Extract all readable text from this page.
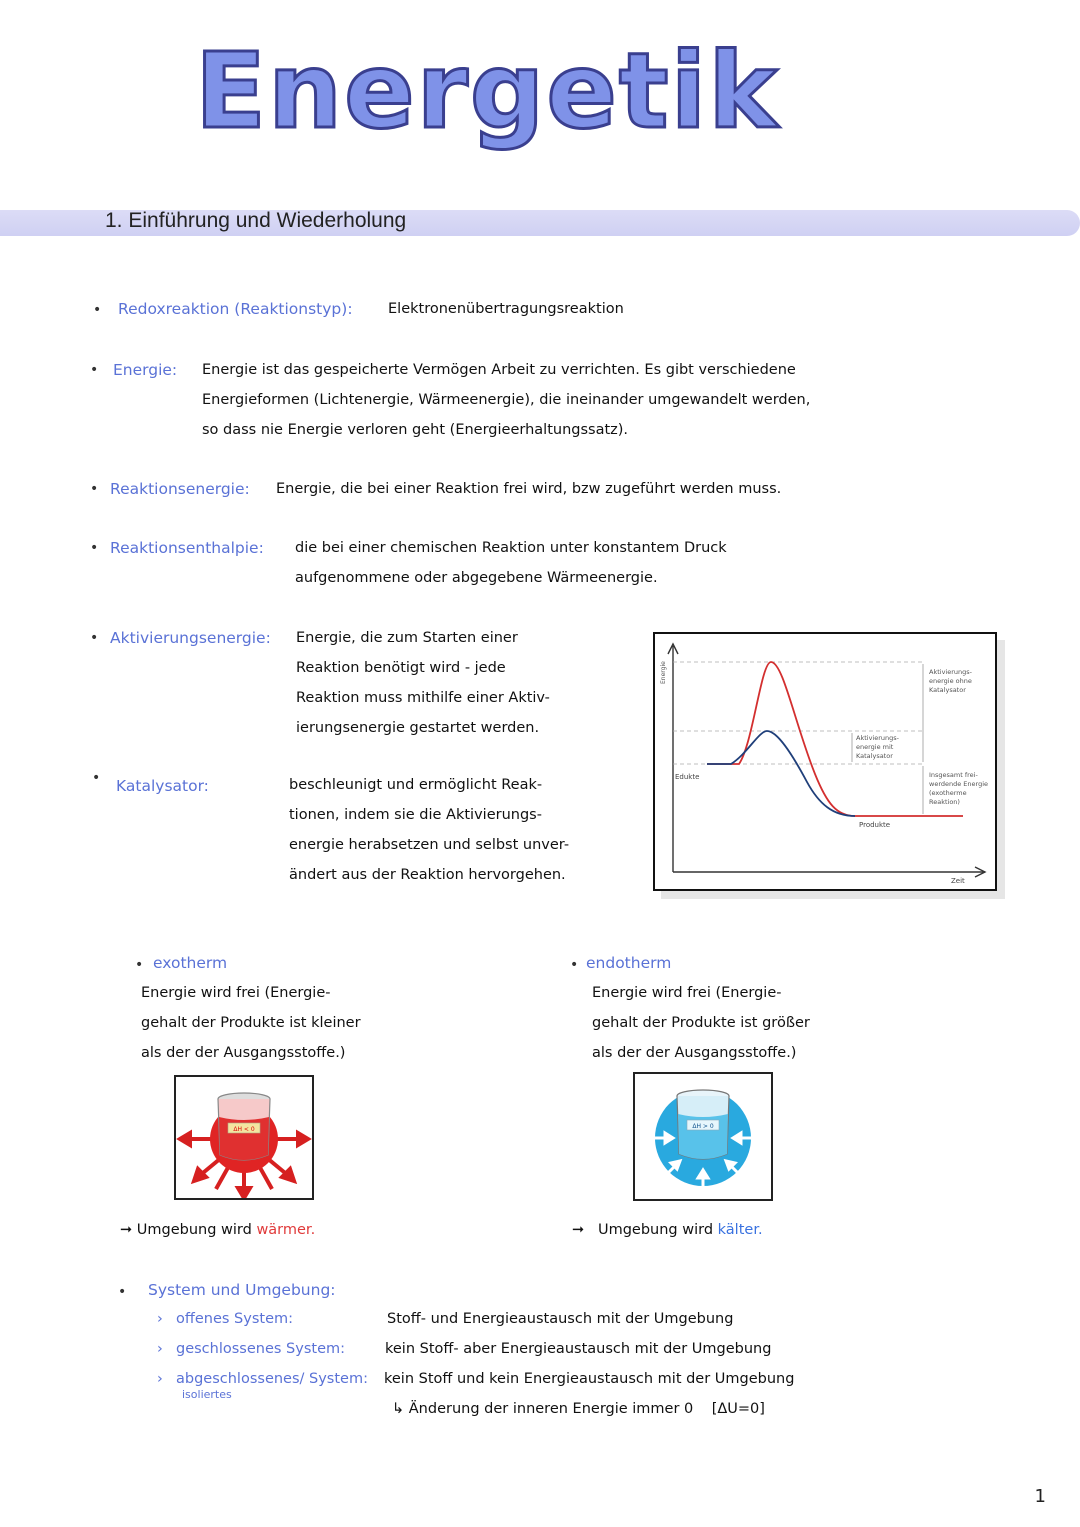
Energetik
1. Einführung und Wiederholung
• Redoxreaktion (Reaktionstyp): Elektronenübertragungsreaktion
• Energie: Energie ist das gespeicherte Vermögen Arbeit zu verrichten. Es gibt verschiedene
Energieformen (Lichtenergie, Wärmeenergie), die ineinander umgewandelt werden,
so dass nie Energie verloren geht (Energieerhaltungssatz).
• Reaktionsenergie: Energie, die bei einer Reaktion frei wird, bzw zugeführt werden muss.
• Reaktionsenthalpie: die bei einer chemischen Reaktion unter konstantem Druck
aufgenommene oder abgegebene Wärmeenergie.
• Aktivierungsenergie: Energie, die zum Starten einer
Reaktion benötigt wird - jede
Reaktion muss mithilfe einer Aktiv-
ierungsenergie gestartet werden.
• Katalysator:	beschleunigt und ermöglicht Reak-
tionen, indem sie die Aktivierungs-
energie herabsetzen und selbst unver-
ändert aus der Reaktion hervorgehen.
Energie
Edukte
Produkte
Zeit
Aktivierungs-
energie mit
Katalysator
Aktivierungs-
energie ohne
Katalysator
Insgesamt frei-
werdende Energie
(exotherme
Reaktion)
• exotherm
Energie wird frei (Energie-
gehalt der Produkte ist kleiner
als der der Ausgangsstoffe.)
ΔH < 0
➞ Umgebung wird wärmer.
• endotherm
Energie wird frei (Energie-
gehalt der Produkte ist größer
als der der Ausgangsstoffe.)
ΔH > 0
➞ Umgebung wird kälter.
• System und Umgebung:
› offenes System:	Stoff- und Energieaustausch mit der Umgebung
› geschlossenes System:	kein Stoff- aber Energieaustausch mit der Umgebung
› abgeschlossenes/ System:
isoliertes
kein Stoff und kein Energieaustausch mit der Umgebung
↳ Änderung der inneren Energie immer 0 [ΔU=0]
1
